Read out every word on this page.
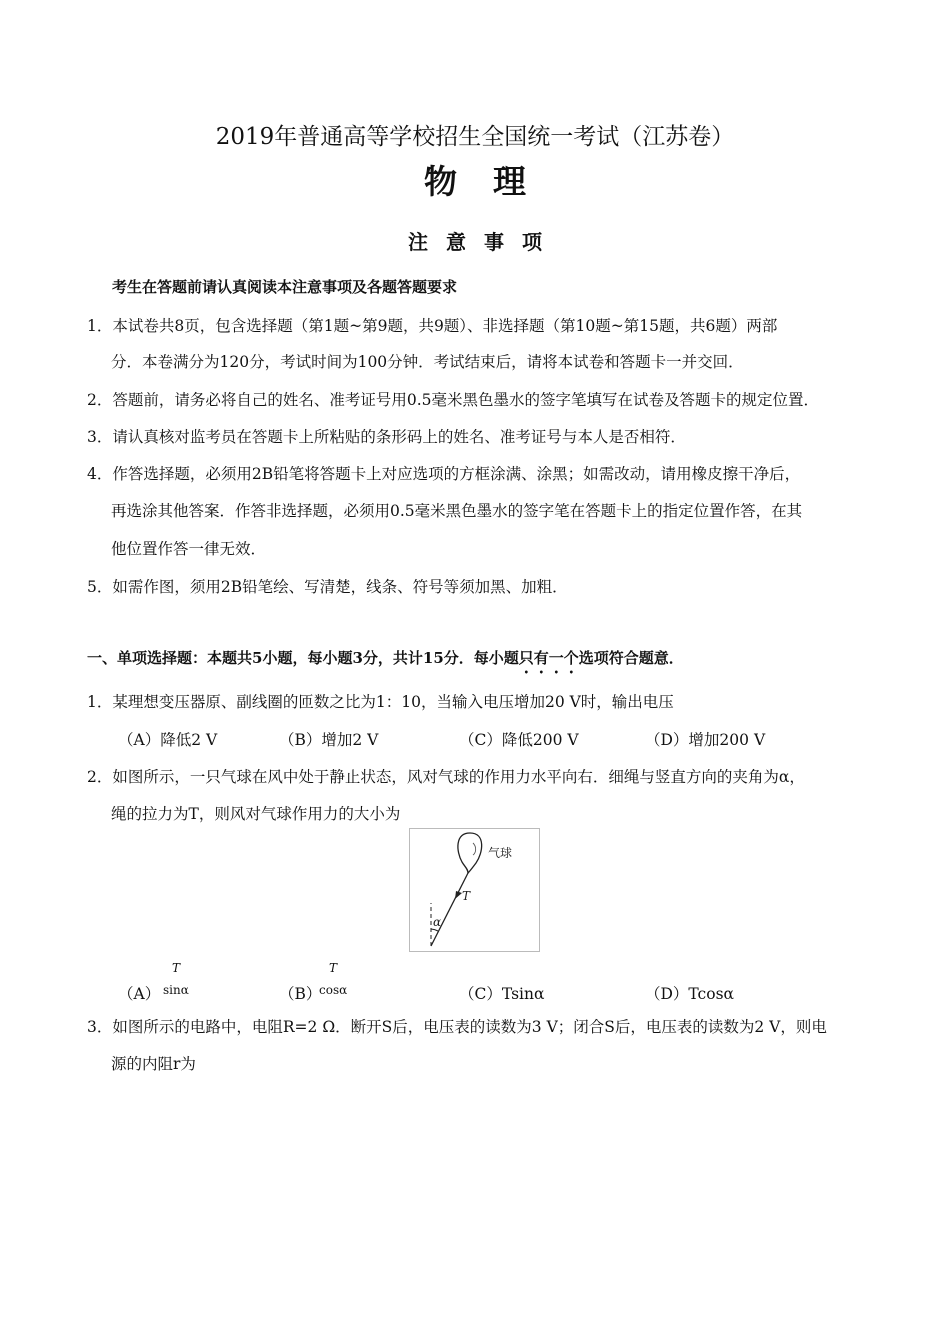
2019年普通高等学校招生全国统一考试（江苏卷）
物理
注意事项
考生在答题前请认真阅读本注意事项及各题答题要求
1．本试卷共8页，包含选择题（第1题~第9题，共9题）、非选择题（第10题~第15题，共6题）两部
分．本卷满分为120分，考试时间为100分钟．考试结束后，请将本试卷和答题卡一并交回．
2．答题前，请务必将自己的姓名、准考证号用0.5毫米黑色墨水的签字笔填写在试卷及答题卡的规定位置．
3．请认真核对监考员在答题卡上所粘贴的条形码上的姓名、准考证号与本人是否相符．
4．作答选择题，必须用2B铅笔将答题卡上对应选项的方框涂满、涂黑；如需改动，请用橡皮擦干净后，
再选涂其他答案．作答非选择题，必须用0.5毫米黑色墨水的签字笔在答题卡上的指定位置作答，在其
他位置作答一律无效．
5．如需作图，须用2B铅笔绘、写清楚，线条、符号等须加黑、加粗．
一、单项选择题：本题共5小题，每小题3分，共计15分．每小题只有一个选项符合题意．
1．某理想变压器原、副线圈的匝数之比为1：10，当输入电压增加20 V时，输出电压
（A）降低2 V	（B）增加2 V	（C）降低200 V	（D）增加200 V
2．如图所示，一只气球在风中处于静止状态，风对气球的作用力水平向右．细绳与竖直方向的夹角为α，
绳的拉力为T，则风对气球作用力的大小为
气球
T
α
（A）
T
sinα	（B）
T
cosα	（C）Tsinα	（D）Tcosα
3．如图所示的电路中，电阻R=2 Ω．断开S后，电压表的读数为3 V；闭合S后，电压表的读数为2 V，则电
源的内阻r为
